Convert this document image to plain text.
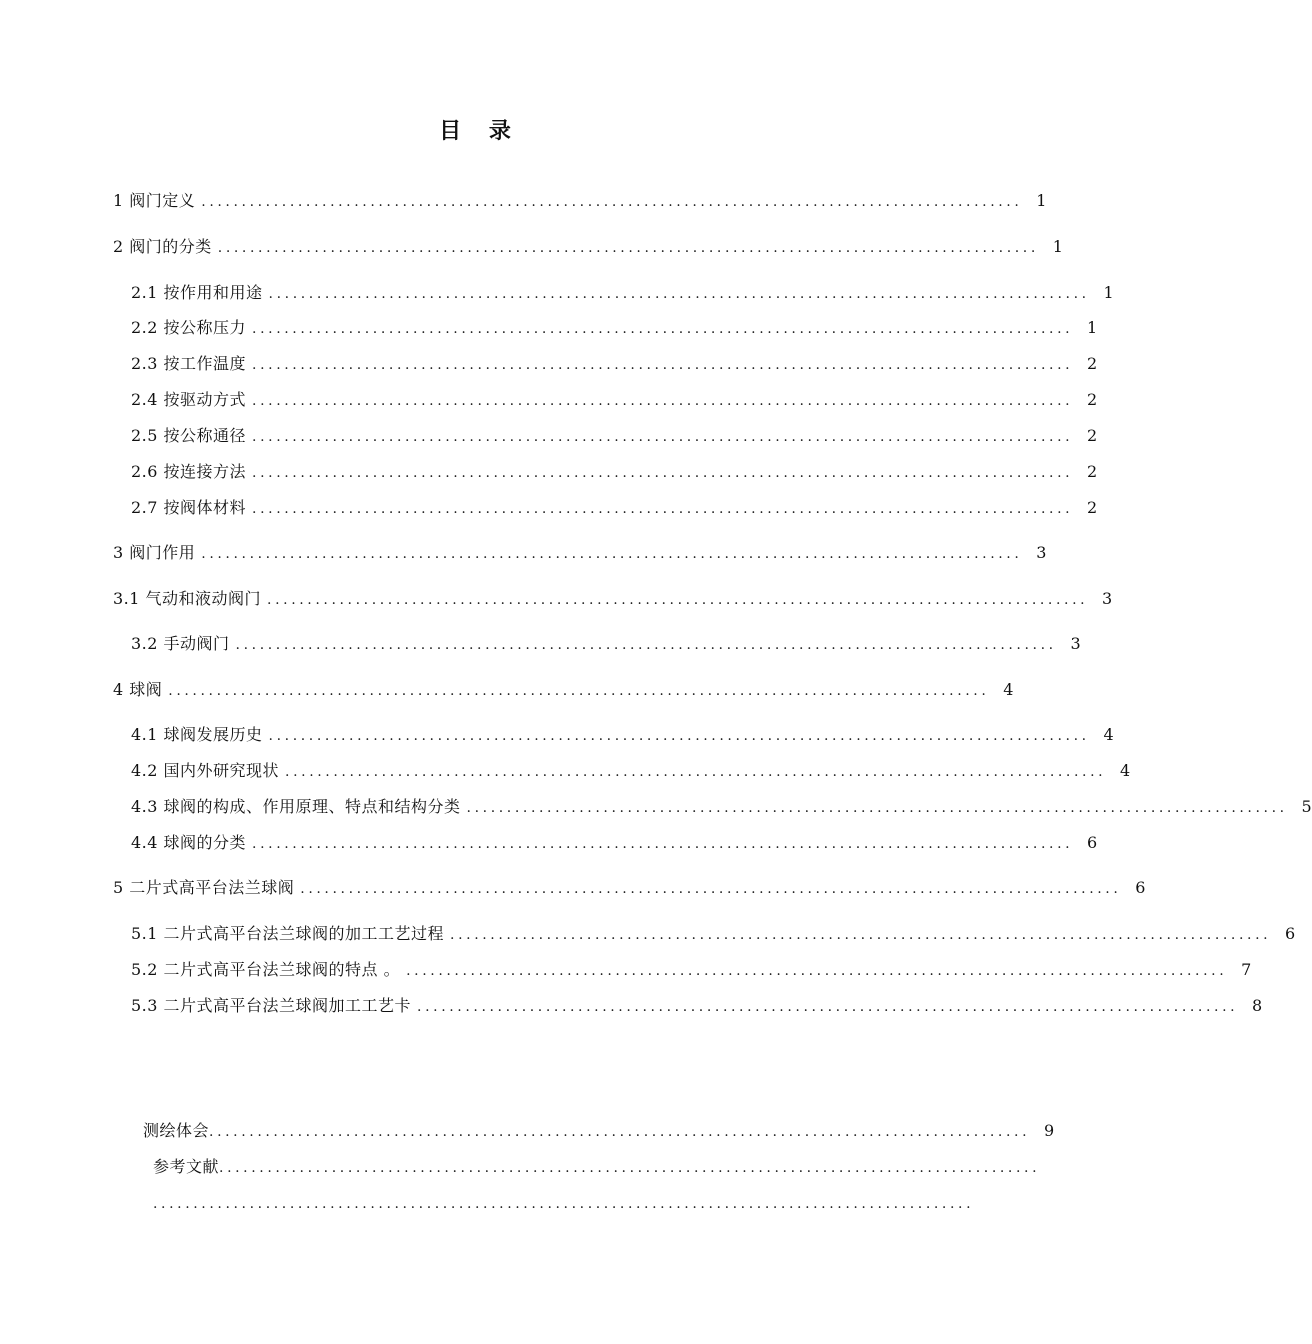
目 录
1 阀门定义 ...................................................................................................... 1
2 阀门的分类 ...................................................................................................... 1
2.1 按作用和用途 ...................................................................................................... 1
2.2 按公称压力 ...................................................................................................... 1
2.3 按工作温度 ...................................................................................................... 2
2.4 按驱动方式 ...................................................................................................... 2
2.5 按公称通径 ...................................................................................................... 2
2.6 按连接方法 ...................................................................................................... 2
2.7 按阀体材料 ...................................................................................................... 2
3 阀门作用 ...................................................................................................... 3
3.1 气动和液动阀门 ...................................................................................................... 3
3.2 手动阀门 ...................................................................................................... 3
4 球阀 ...................................................................................................... 4
4.1 球阀发展历史 ...................................................................................................... 4
4.2 国内外研究现状 ...................................................................................................... 4
4.3 球阀的构成、作用原理、特点和结构分类 ...................................................................................................... 5
4.4 球阀的分类 ...................................................................................................... 6
5 二片式高平台法兰球阀 ...................................................................................................... 6
5.1 二片式高平台法兰球阀的加工工艺过程 ...................................................................................................... 6
5.2 二片式高平台法兰球阀的特点 。 ...................................................................................................... 7
5.3 二片式高平台法兰球阀加工工艺卡 ...................................................................................................... 8
测绘体会 ...................................................................................................... 9
参考文献 ......................................................................................................
......................................................................................................
